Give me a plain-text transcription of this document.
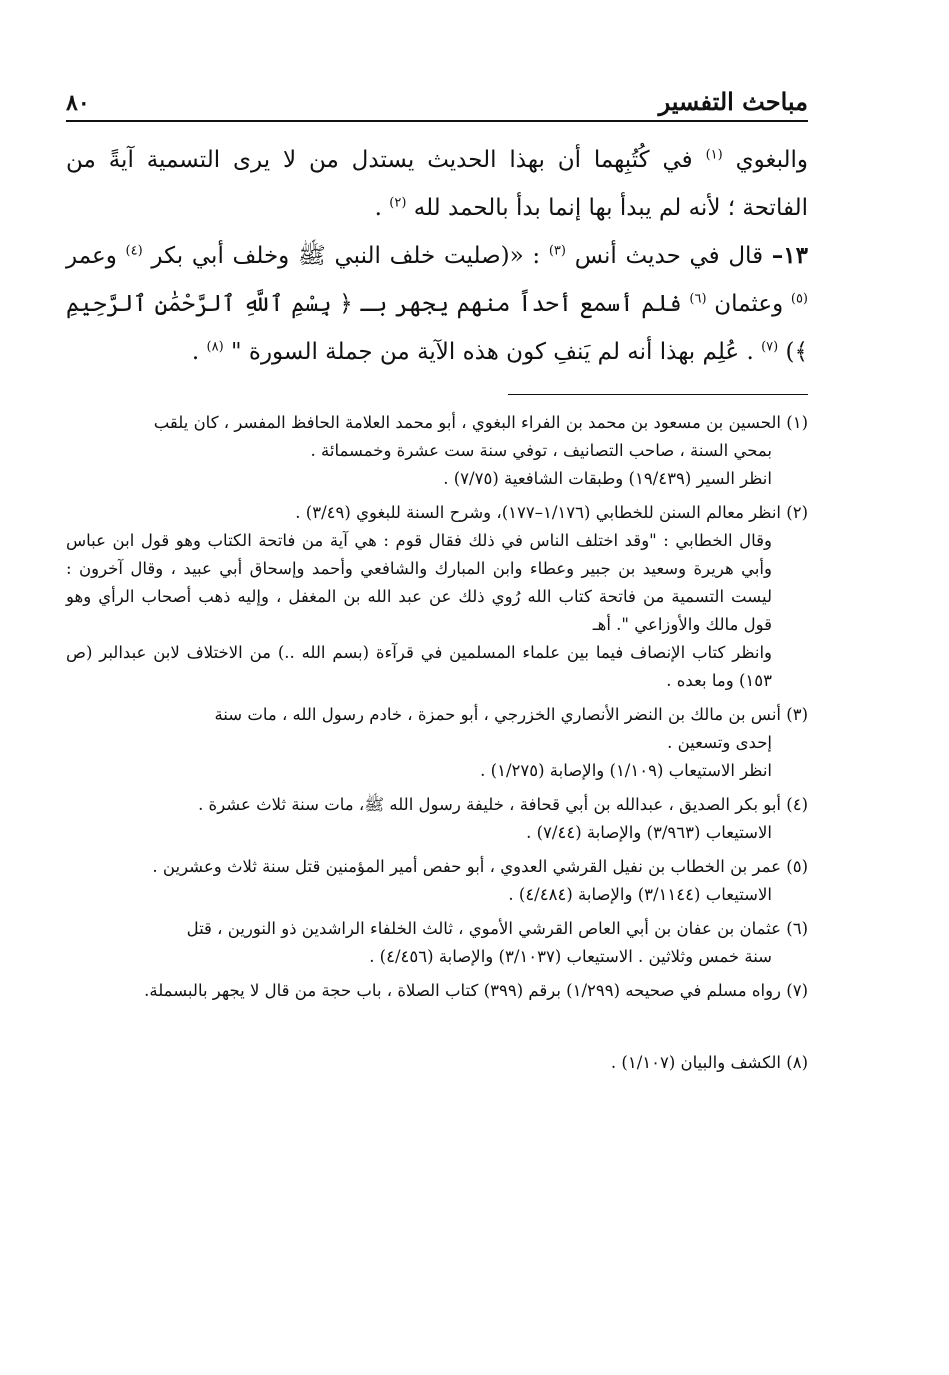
مباحث التفسير
٨٠

والبغوي $^{(١)}$ في كُتُبِهما أن بهذا الحديث يستدل من لا يرى التسمية آيةً من الفاتحة ؛ لأنه لم يبدأ بها إنما بدأ بالحمد لله $^{(٢)}$ .

١٣– قال في حديث أنس $^{(٣)}$ : «(صليت خلف النبي ﷺ وخلف أبي بكر $^{(٤)}$ وعمر $^{(٥)}$ وعثمان $^{(٦)}$ فلم أسمع أحداً منهم يجهر بـ ﴿ بِسْمِ ٱللَّهِ ٱلرَّحْمَٰنِ ٱلرَّحِيمِ ﴾) $^{(٧)}$ . عُلِم بهذا أنه لم يَنفِ كون هذه الآية من جملة السورة " $^{(٨)}$ .

(١) الحسين بن مسعود بن محمد بن الفراء البغوي ، أبو محمد العلامة الحافظ المفسر ، كان يلقب
بمحي السنة ، صاحب التصانيف ، توفي سنة ست عشرة وخمسمائة .
انظر السير (١٩/٤٣٩) وطبقات الشافعية (٧/٧٥) .
(٢) انظر معالم السنن للخطابي (١/١٧٦–١٧٧)، وشرح السنة للبغوي (٣/٤٩) .
وقال الخطابي : "وقد اختلف الناس في ذلك فقال قوم : هي آية من فاتحة الكتاب وهو قول ابن عباس وأبي هريرة وسعيد بن جبير وعطاء وابن المبارك والشافعي وأحمد وإسحاق أبي عبيد ، وقال آخرون : ليست التسمية من فاتحة كتاب الله رُوي ذلك عن عبد الله بن المغفل ، وإليه ذهب أصحاب الرأي وهو قول مالك والأوزاعي ". أهـ
وانظر كتاب الإنصاف فيما بين علماء المسلمين في قرآءة (بسم الله ..) من الاختلاف لابن عبدالبر (ص ١٥٣) وما بعده .
(٣) أنس بن مالك بن النضر الأنصاري الخزرجي ، أبو حمزة ، خادم رسول الله ، مات سنة
إحدى وتسعين .
انظر الاستيعاب (١/١٠٩) والإصابة (١/٢٧٥) .
(٤) أبو بكر الصديق ، عبدالله بن أبي قحافة ، خليفة رسول الله ﷺ، مات سنة ثلاث عشرة .
الاستيعاب (٣/٩٦٣) والإصابة (٧/٤٤) .
(٥) عمر بن الخطاب بن نفيل القرشي العدوي ، أبو حفص أمير المؤمنين قتل سنة ثلاث وعشرين .
الاستيعاب (٣/١١٤٤) والإصابة (٤/٤٨٤) .
(٦) عثمان بن عفان بن أبي العاص القرشي الأموي ، ثالث الخلفاء الراشدين ذو النورين ، قتل
سنة خمس وثلاثين . الاستيعاب (٣/١٠٣٧) والإصابة (٤/٤٥٦) .
(٧) رواه مسلم في صحيحه (١/٢٩٩) برقم (٣٩٩) كتاب الصلاة ، باب حجة من قال لا يجهر بالبسملة.
(٨) الكشف والبيان (١/١٠٧) .
